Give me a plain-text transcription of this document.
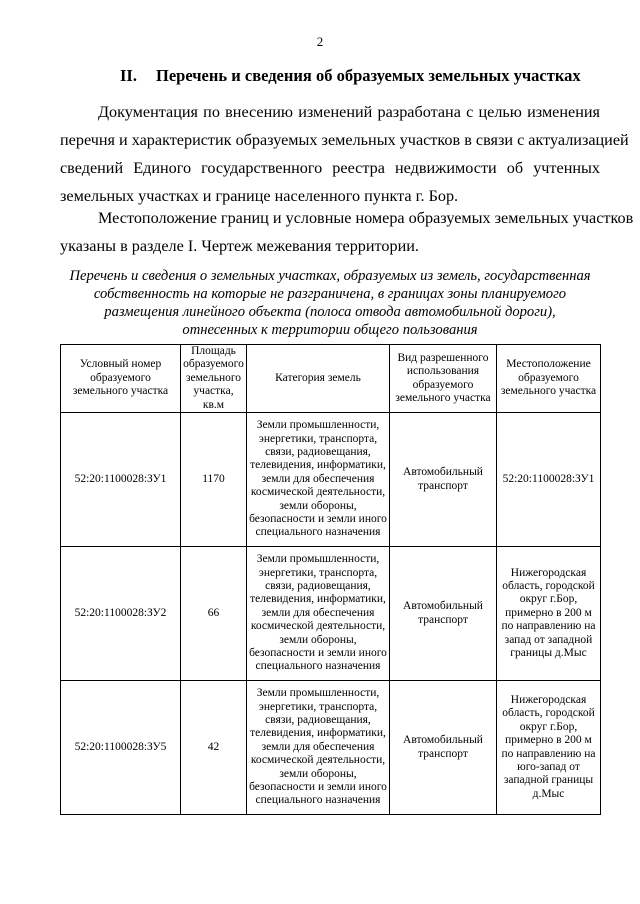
2
II. Перечень и сведения об образуемых земельных участках
Документация по внесению изменений разработана с целью изменения
перечня и характеристик образуемых земельных участков в связи с актуализацией
сведений Единого государственного реестра недвижимости об учтенных
земельных участках и границе населенного пункта г. Бор.
Местоположение границ и условные номера образуемых земельных участков
указаны в разделе I. Чертеж межевания территории.
Перечень и сведения о земельных участках, образуемых из земель, государственная
собственность на которые не разграничена, в границах зоны планируемого
размещения линейного объекта (полоса отвода автомобильной дороги),
отнесенных к территории общего пользования
Условный номер образуемого земельного участка	Площадь образуемого земельного участка, кв.м	Категория земель	Вид разрешенного использования образуемого земельного участка	Местоположение образуемого земельного участка
52:20:1100028:ЗУ1	1170	Земли промышленности, энергетики, транспорта, связи, радиовещания, телевидения, информатики, земли для обеспечения космической деятельности, земли обороны, безопасности и земли иного специального назначения	Автомобильный транспорт	52:20:1100028:ЗУ1
52:20:1100028:ЗУ2	66	Земли промышленности, энергетики, транспорта, связи, радиовещания, телевидения, информатики, земли для обеспечения космической деятельности, земли обороны, безопасности и земли иного специального назначения	Автомобильный транспорт	Нижегородская область, городской округ г.Бор, примерно в 200 м по направлению на запад от западной границы д.Мыс
52:20:1100028:ЗУ5	42	Земли промышленности, энергетики, транспорта, связи, радиовещания, телевидения, информатики, земли для обеспечения космической деятельности, земли обороны, безопасности и земли иного специального назначения	Автомобильный транспорт	Нижегородская область, городской округ г.Бор, примерно в 200 м по направлению на юго-запад от западной границы д.Мыс
